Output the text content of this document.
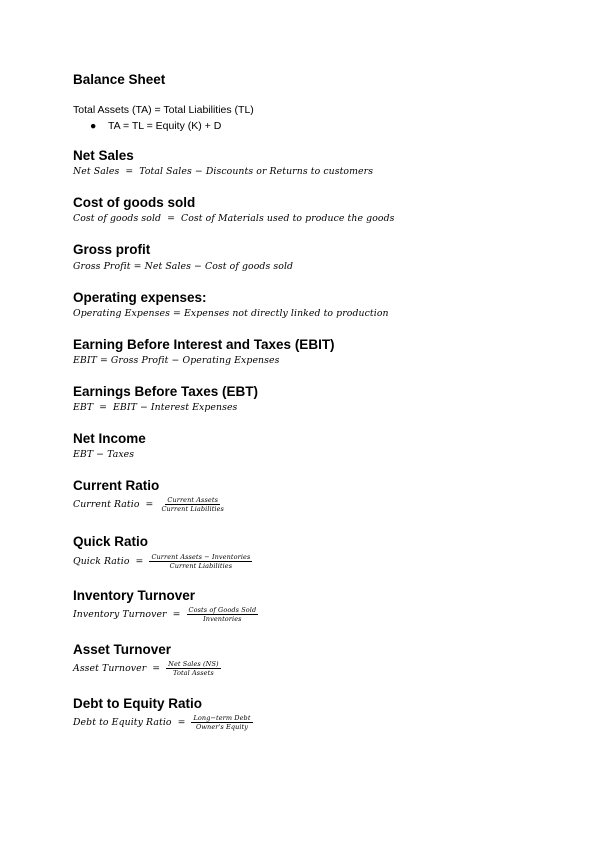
Balance Sheet
Total Assets (TA) = Total Liabilities (TL)
● TA = TL = Equity (K) + D
Net Sales
Net Sales = Total Sales − Discounts or Returns to customers
Cost of goods sold
Cost of goods sold = Cost of Materials used to produce the goods
Gross profit
Gross Profit = Net Sales − Cost of goods sold
Operating expenses:
Operating Expenses = Expenses not directly linked to production
Earning Before Interest and Taxes (EBIT)
EBIT = Gross Profit − Operating Expenses
Earnings Before Taxes (EBT)
EBT = EBIT − Interest Expenses
Net Income
EBT − Taxes
Current Ratio
Current Ratio = $\frac{\text{Current Assets}}{\text{Current Liabilities}}$
Quick Ratio
Quick Ratio = $\frac{\text{Current Assets − Inventories}}{\text{Current Liabilities}}$
Inventory Turnover
Inventory Turnover = $\frac{\text{Costs of Goods Sold}}{\text{Inventories}}$
Asset Turnover
Asset Turnover = $\frac{\text{Net Sales (NS)}}{\text{Total Assets}}$
Debt to Equity Ratio
Debt to Equity Ratio = $\frac{\text{Long−term Debt}}{\text{Owner's Equity}}$
